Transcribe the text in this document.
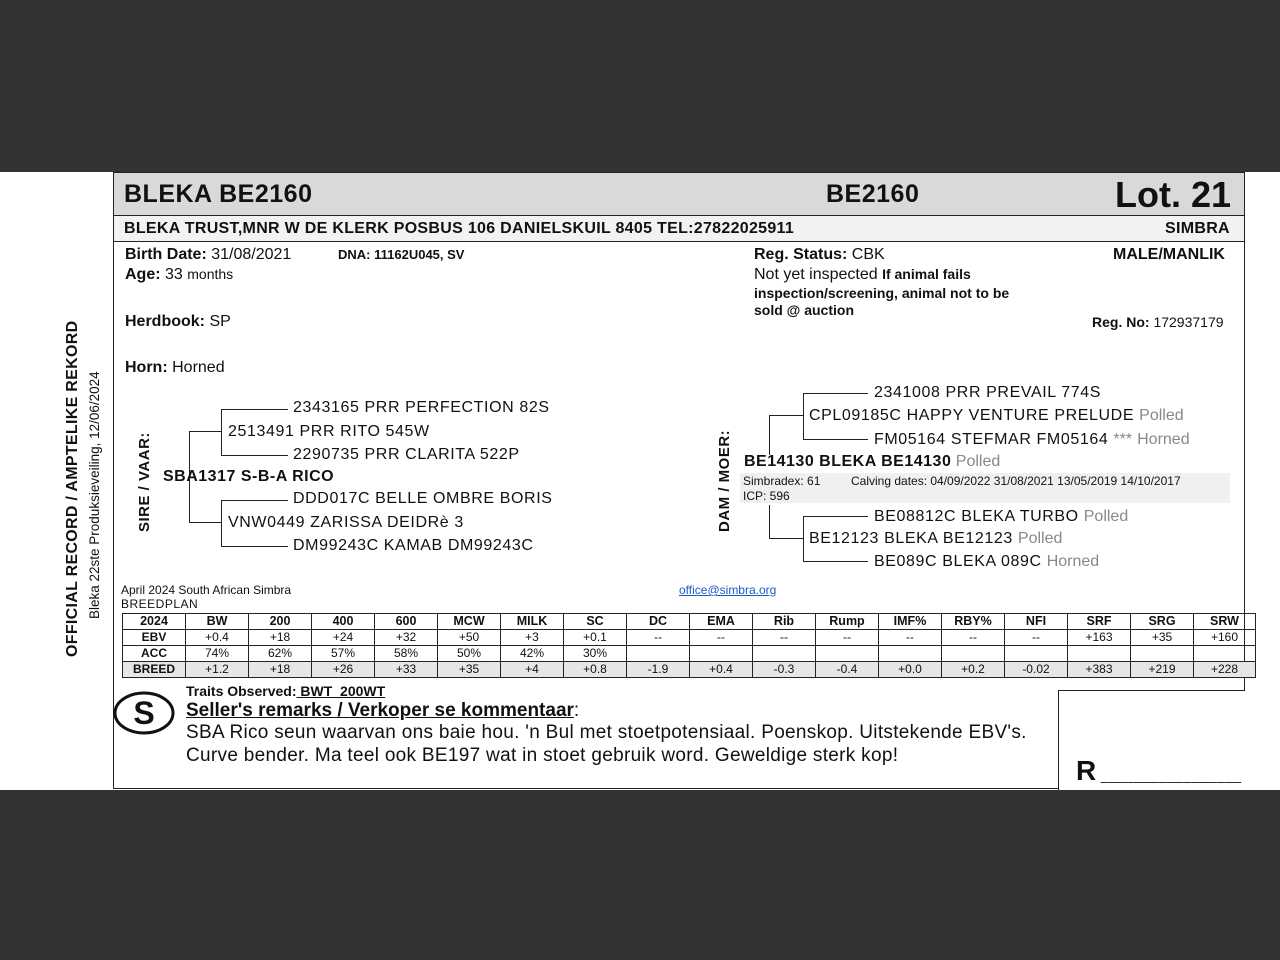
OFFICIAL RECORD / AMPTELIKE REKORD Bleka 22ste Produksieveiling, 12/06/2024
BLEKA BE2160	BE2160	Lot. 21
BLEKA TRUST,MNR W DE KLERK POSBUS 106 DANIELSKUIL 8405 TEL:27822025911	SIMBRA
Birth Date: 31/08/2021	DNA: 11162U045, SV
Age: 33 months
Herdbook: SP
Horn: Horned
Reg. Status: CBK
Not yet inspected If animal fails
inspection/screening, animal not to be
sold @ auction
MALE/MANLIK
Reg. No: 172937179
SIRE / VAAR:
2343165 PRR PERFECTION 82S
2513491 PRR RITO 545W
2290735 PRR CLARITA 522P
SBA1317 S-B-A RICO
DDD017C BELLE OMBRE BORIS
VNW0449 ZARISSA DEIDRè 3
DM99243C KAMAB DM99243C
DAM / MOER:
2341008 PRR PREVAIL 774S
CPL09185C HAPPY VENTURE PRELUDE Polled
FM05164 STEFMAR FM05164 *** Horned
BE14130 BLEKA BE14130 Polled
Simbradex: 61	Calving dates: 04/09/2022 31/08/2021 13/05/2019 14/10/2017
ICP: 596
BE08812C BLEKA TURBO Polled
BE12123 BLEKA BE12123 Polled
BE089C BLEKA 089C Horned
April 2024 South African Simbra
BREEDPLAN
office@simbra.org
2024	BW	200	400	600	MCW	MILK	SC	DC	EMA	Rib	Rump	IMF%	RBY%	NFI	SRF	SRG	SRW
EBV	+0.4	+18	+24	+32	+50	+3	+0.1	--	--	--	--	--	--	--	+163	+35	+160
ACC	74%	62%	57%	58%	50%	42%	30%										
BREED	+1.2	+18	+26	+33	+35	+4	+0.8	-1.9	+0.4	-0.3	-0.4	+0.0	+0.2	-0.02	+383	+219	+228
S
Traits Observed: BWT  200WT
Seller's remarks / Verkoper se kommentaar:
SBA Rico seun waarvan ons baie hou. 'n Bul met stoetpotensiaal. Poenskop. Uitstekende EBV's.
Curve bender. Ma teel ook BE197 wat in stoet gebruik word. Geweldige sterk kop!	R _________________
